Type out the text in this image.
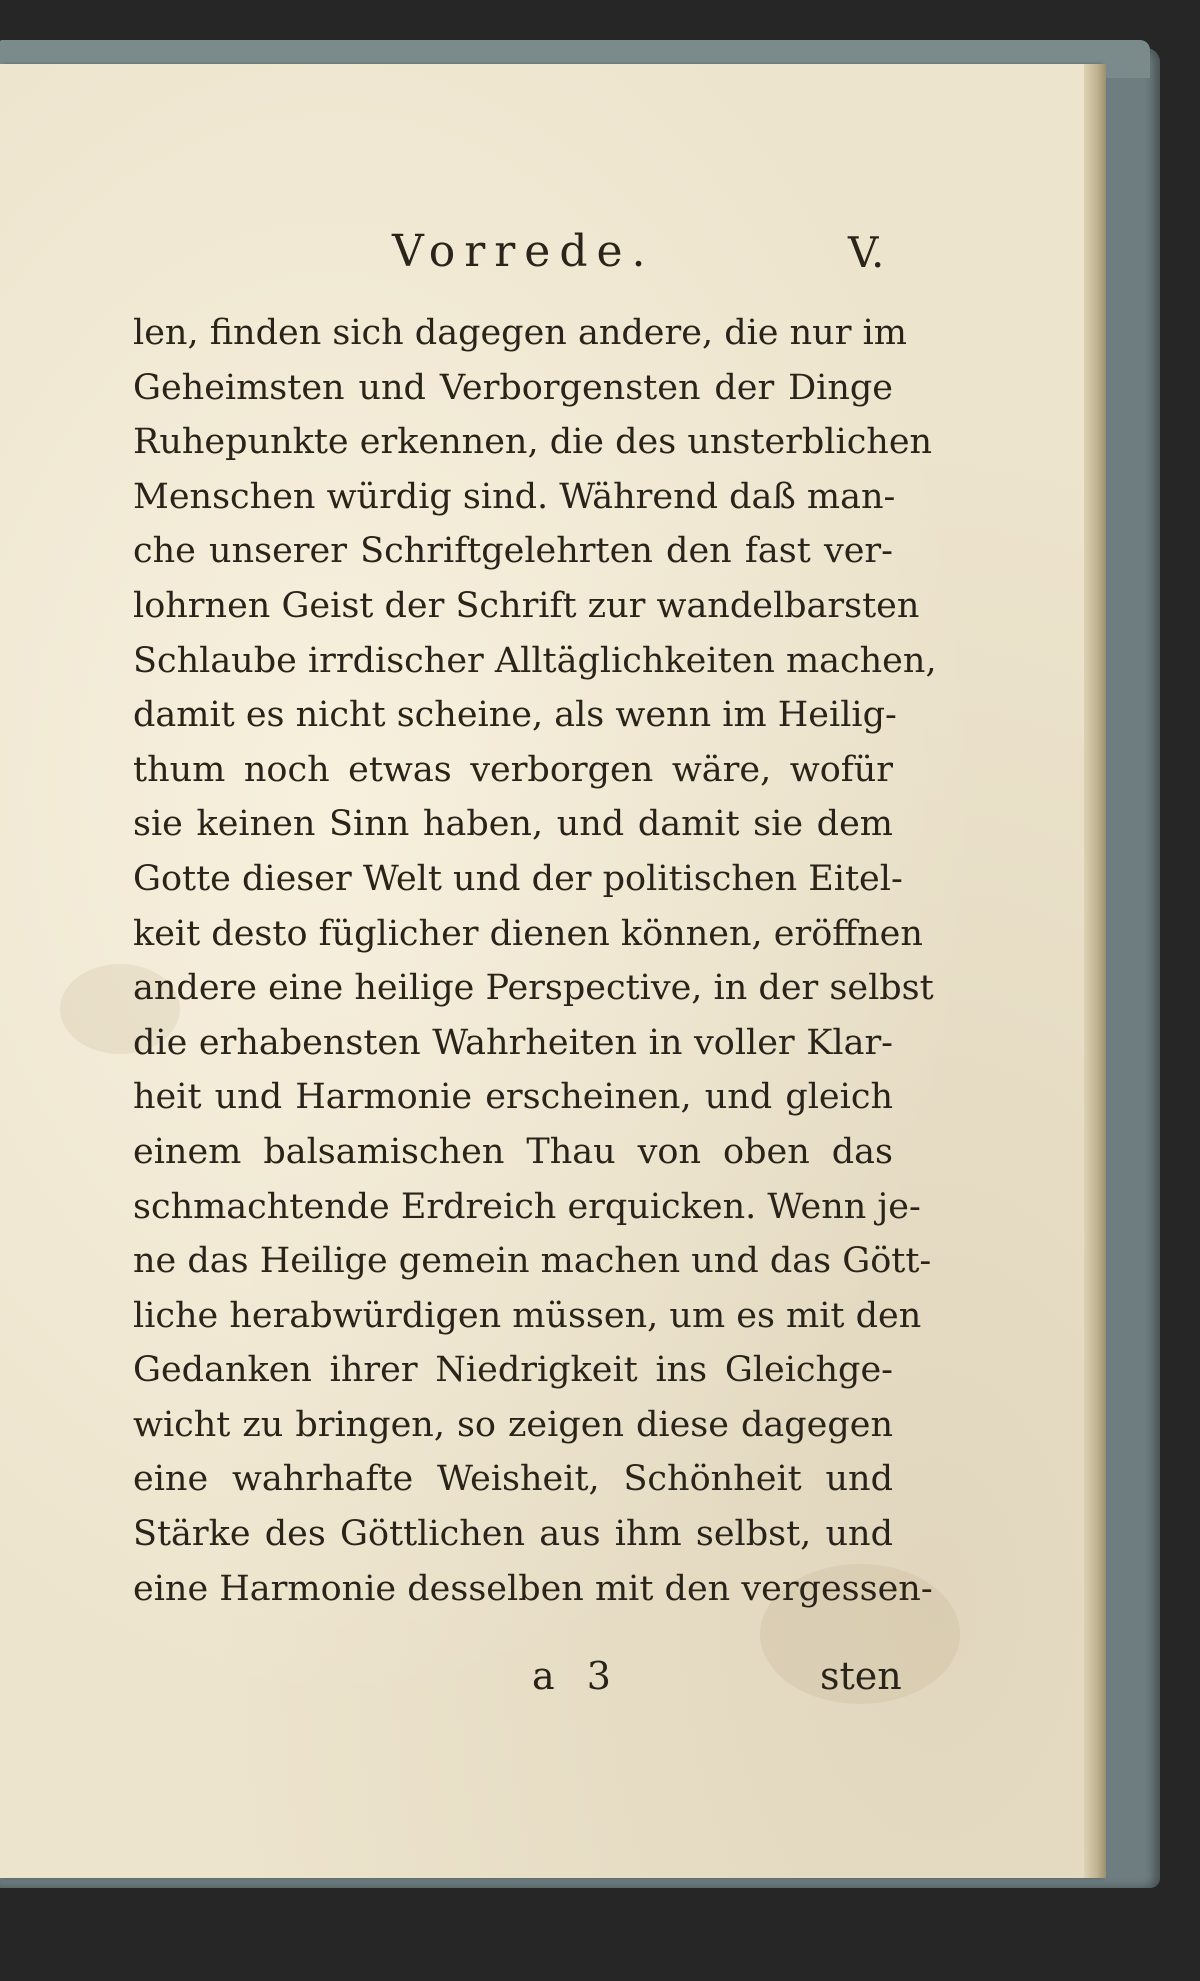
Vorrede.	V.
len, finden sich dagegen andere, die nur im
Geheimsten und Verborgensten der Dinge
Ruhepunkte erkennen, die des unsterblichen
Menschen würdig sind. Während daß man-
che unserer Schriftgelehrten den fast ver-
lohrnen Geist der Schrift zur wandelbarsten
Schlaube irrdischer Alltäglichkeiten machen,
damit es nicht scheine, als wenn im Heilig-
thum noch etwas verborgen wäre, wofür
sie keinen Sinn haben, und damit sie dem
Gotte dieser Welt und der politischen Eitel-
keit desto füglicher dienen können, eröffnen
andere eine heilige Perspective, in der selbst
die erhabensten Wahrheiten in voller Klar-
heit und Harmonie erscheinen, und gleich
einem balsamischen Thau von oben das
schmachtende Erdreich erquicken. Wenn je-
ne das Heilige gemein machen und das Gött-
liche herabwürdigen müssen, um es mit den
Gedanken ihrer Niedrigkeit ins Gleichge-
wicht zu bringen, so zeigen diese dagegen
eine wahrhafte Weisheit, Schönheit und
Stärke des Göttlichen aus ihm selbst, und
eine Harmonie desselben mit den vergessen-
a 3	sten
